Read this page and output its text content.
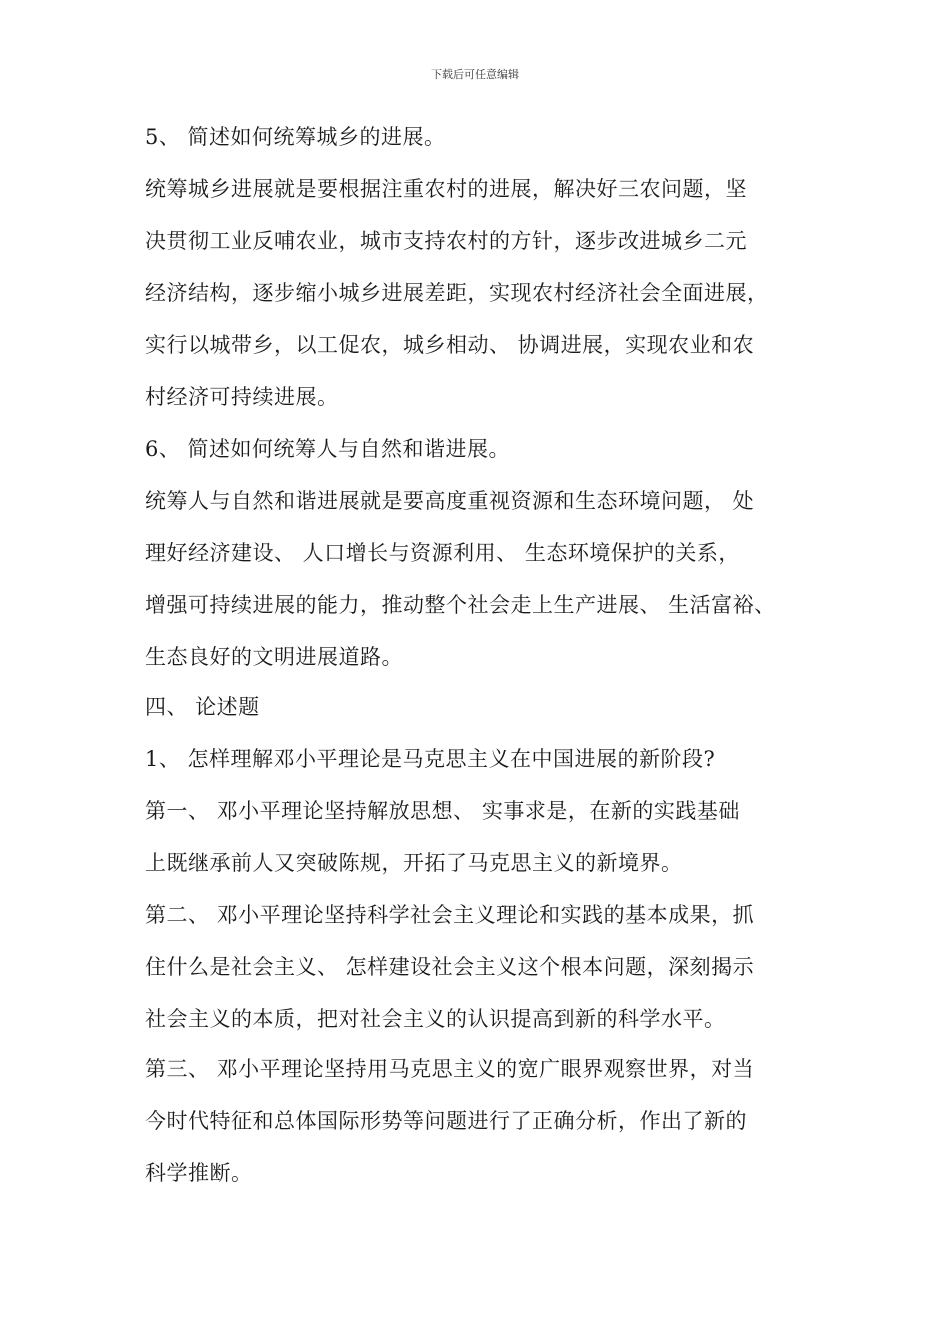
下载后可任意编辑
5、 简述如何统筹城乡的进展。
统筹城乡进展就是要根据注重农村的进展，解决好三农问题，坚
决贯彻工业反哺农业，城市支持农村的方针，逐步改进城乡二元
经济结构，逐步缩小城乡进展差距，实现农村经济社会全面进展，
实行以城带乡，以工促农，城乡相动、 协调进展，实现农业和农
村经济可持续进展。
6、 简述如何统筹人与自然和谐进展。
统筹人与自然和谐进展就是要高度重视资源和生态环境问题， 处
理好经济建设、 人口增长与资源利用、 生态环境保护的关系，
增强可持续进展的能力，推动整个社会走上生产进展、 生活富裕、
生态良好的文明进展道路。
四、 论述题
1、 怎样理解邓小平理论是马克思主义在中国进展的新阶段?
第一、 邓小平理论坚持解放思想、 实事求是，在新的实践基础
上既继承前人又突破陈规，开拓了马克思主义的新境界。
第二、 邓小平理论坚持科学社会主义理论和实践的基本成果，抓
住什么是社会主义、 怎样建设社会主义这个根本问题，深刻揭示
社会主义的本质，把对社会主义的认识提高到新的科学水平。
第三、 邓小平理论坚持用马克思主义的宽广眼界观察世界，对当
今时代特征和总体国际形势等问题进行了正确分析，作出了新的
科学推断。
